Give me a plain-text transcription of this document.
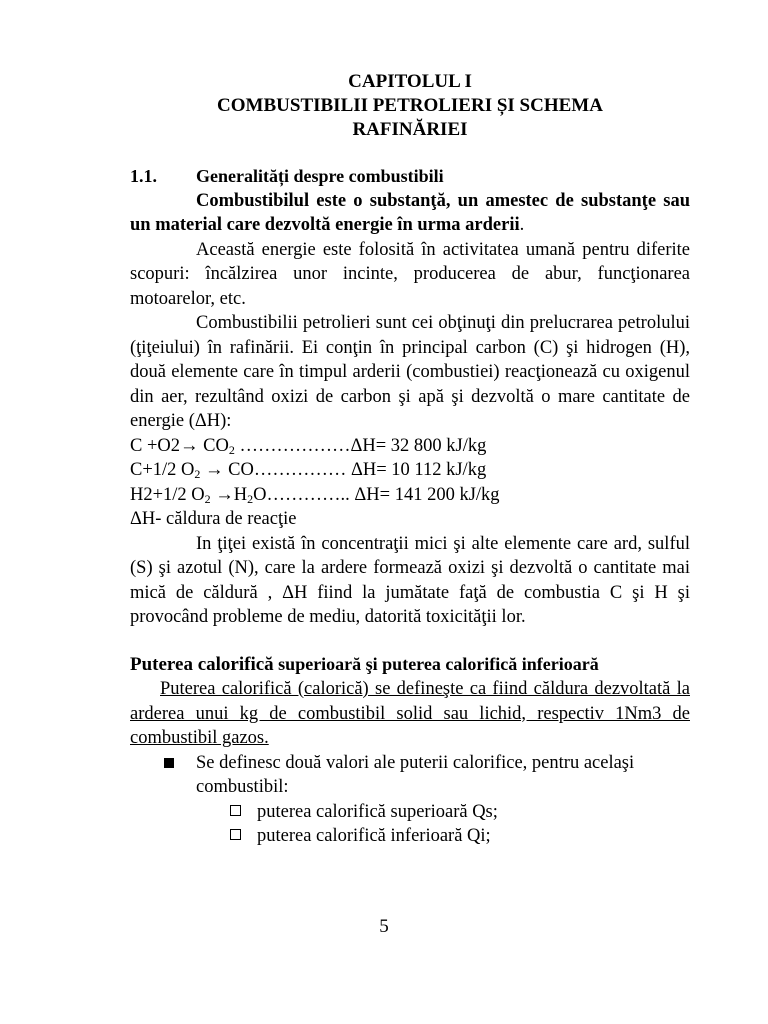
CAPITOLUL I
COMBUSTIBILII PETROLIERI ȘI SCHEMA
RAFINĂRIEI
1.1. Generalități despre combustibili
Combustibilul este o substanţă, un amestec de substanţe sau un material care dezvoltă energie în urma arderii.
Această energie este folosită în activitatea umană pentru diferite scopuri: încălzirea unor incinte, producerea de abur, funcţionarea motoarelor, etc.
Combustibilii petrolieri sunt cei obţinuţi din prelucrarea petrolului (ţiţeiului) în rafinării. Ei conţin în principal carbon (C) şi hidrogen (H), două elemente care în timpul arderii (combustiei) reacţionează cu oxigenul din aer, rezultând oxizi de carbon şi apă şi dezvoltă o mare cantitate de energie (ΔH):
$C +O2\to CO_2$ ………………ΔH= 32 800 kJ/kg
C+1/2 $O_2$ → CO…………… ΔH= 10 112 kJ/kg
H2+1/2 $O_2$ $\to H_2O\dots\dots\dots\dots$.. ΔH= 141 200 kJ/kg
ΔH- căldura de reacţie
In ţiţei există în concentraţii mici şi alte elemente care ard, sulful (S) şi azotul (N), care la ardere formează oxizi şi dezvoltă o cantitate mai mică de căldură , ΔH fiind la jumătate faţă de combustia C şi H şi provocând probleme de mediu, datorită toxicităţii lor.
Puterea calorifică superioară şi puterea calorifică inferioară
Puterea calorifică (calorică) se defineşte ca fiind căldura dezvoltată la arderea unui kg de combustibil solid sau lichid, respectiv 1Nm3 de combustibil gazos.
Se definesc două valori ale puterii calorifice, pentru acelaşi combustibil:
puterea calorifică superioară Qs;
puterea calorifică inferioară Qi;
5
